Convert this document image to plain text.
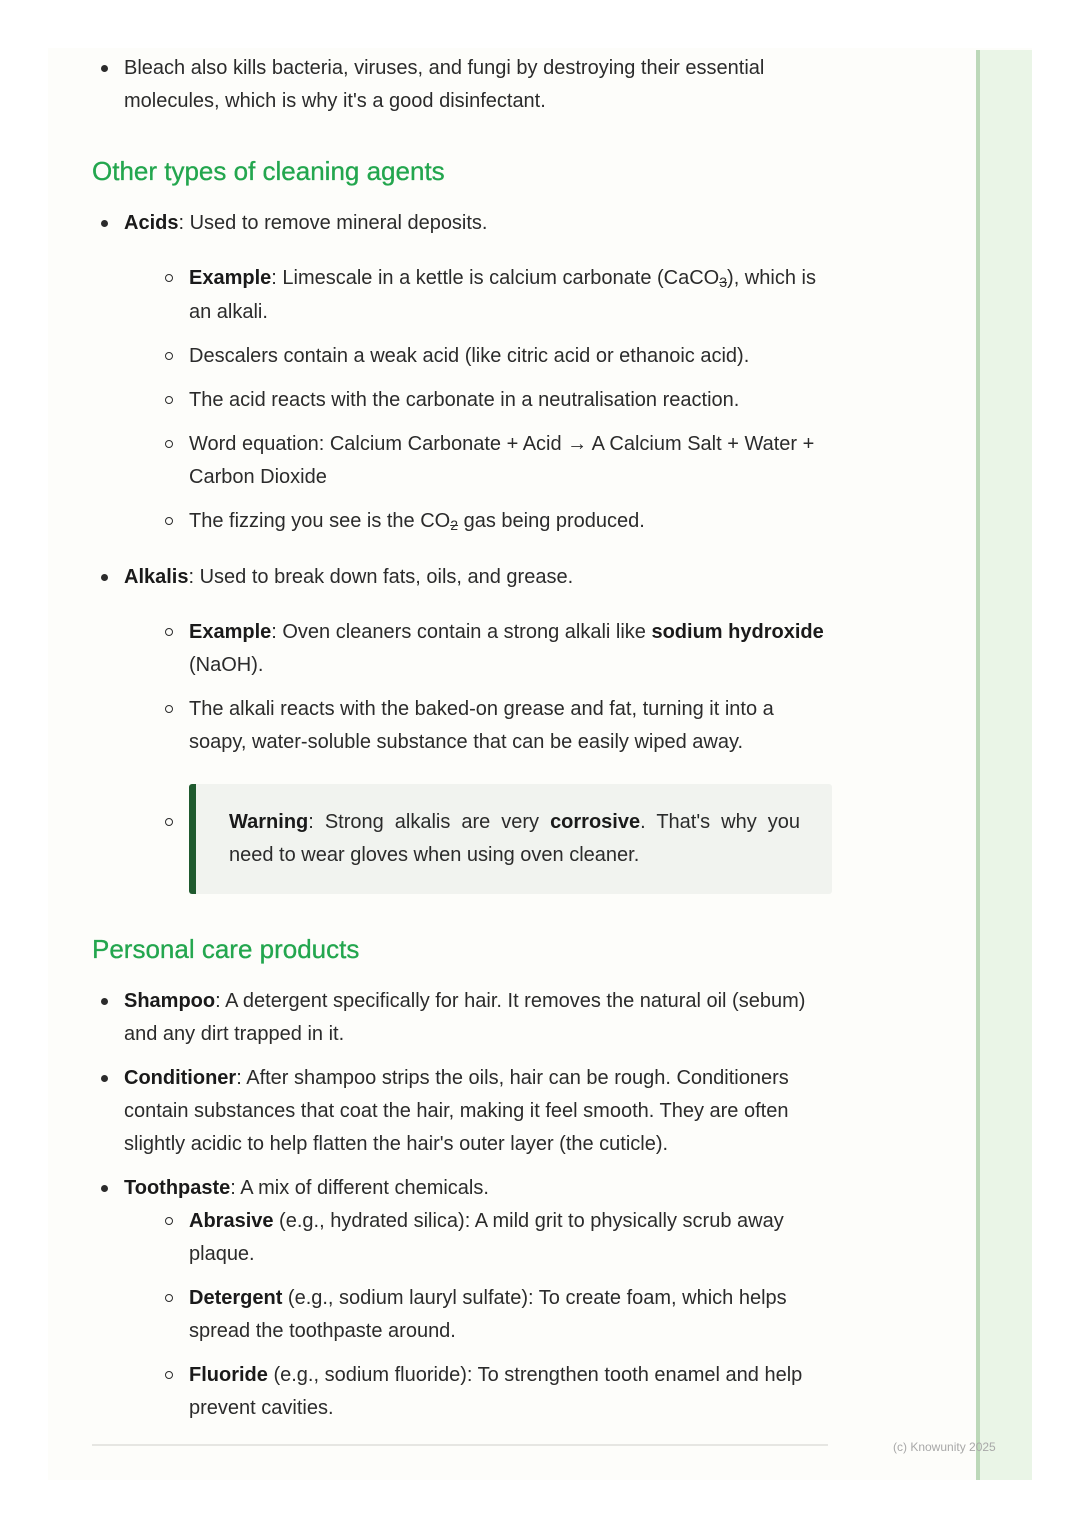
Bleach also kills bacteria, viruses, and fungi by destroying their essential molecules, which is why it's a good disinfectant.
Other types of cleaning agents
Acids: Used to remove mineral deposits.
Example: Limescale in a kettle is calcium carbonate (CaCO3), which is an alkali.
Descalers contain a weak acid (like citric acid or ethanoic acid).
The acid reacts with the carbonate in a neutralisation reaction.
Word equation: Calcium Carbonate + Acid → A Calcium Salt + Water + Carbon Dioxide
The fizzing you see is the CO2 gas being produced.
Alkalis: Used to break down fats, oils, and grease.
Example: Oven cleaners contain a strong alkali like sodium hydroxide (NaOH).
The alkali reacts with the baked-on grease and fat, turning it into a soapy, water-soluble substance that can be easily wiped away.
Warning: Strong alkalis are very corrosive. That's why you need to wear gloves when using oven cleaner.
Personal care products
Shampoo: A detergent specifically for hair. It removes the natural oil (sebum) and any dirt trapped in it.
Conditioner: After shampoo strips the oils, hair can be rough. Conditioners contain substances that coat the hair, making it feel smooth. They are often slightly acidic to help flatten the hair's outer layer (the cuticle).
Toothpaste: A mix of different chemicals.
Abrasive (e.g., hydrated silica): A mild grit to physically scrub away plaque.
Detergent (e.g., sodium lauryl sulfate): To create foam, which helps spread the toothpaste around.
Fluoride (e.g., sodium fluoride): To strengthen tooth enamel and help prevent cavities.
(c) Knowunity 2025
